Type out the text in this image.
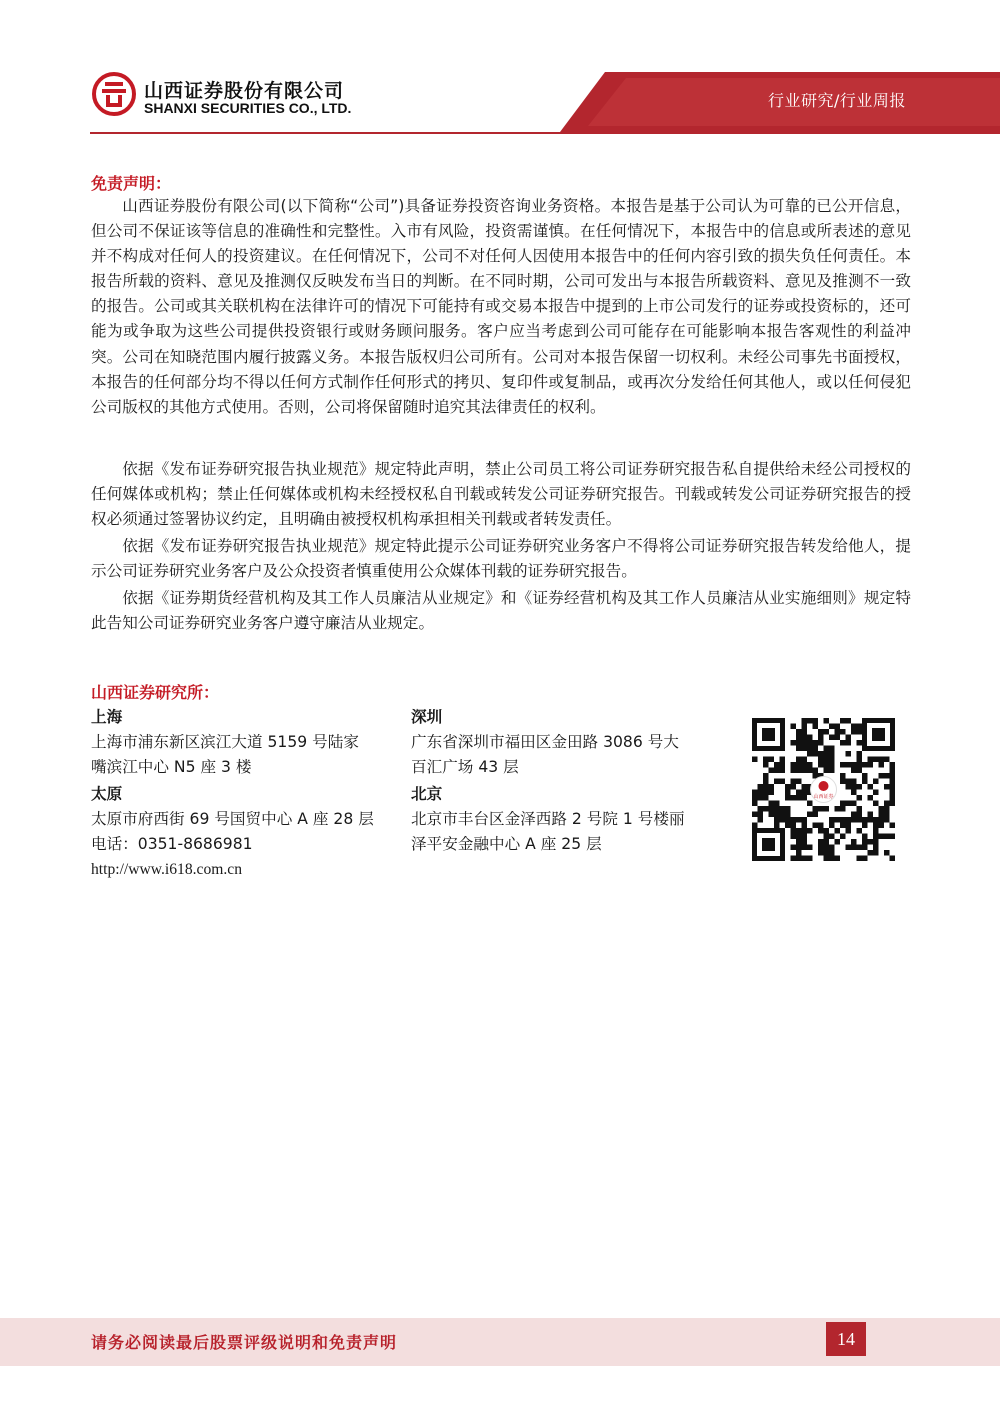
山西证券股份有限公司
SHANXI SECURITIES CO., LTD.	行业研究/行业周报
免责声明：

山西证券股份有限公司(以下简称“公司”)具备证券投资咨询业务资格。本报告是基于公司认为可靠的已公开信息，但公司不保证该等信息的准确性和完整性。入市有风险，投资需谨慎。在任何情况下，本报告中的信息或所表述的意见并不构成对任何人的投资建议。在任何情况下，公司不对任何人因使用本报告中的任何内容引致的损失负任何责任。本报告所载的资料、意见及推测仅反映发布当日的判断。在不同时期，公司可发出与本报告所载资料、意见及推测不一致的报告。公司或其关联机构在法律许可的情况下可能持有或交易本报告中提到的上市公司发行的证券或投资标的，还可能为或争取为这些公司提供投资银行或财务顾问服务。客户应当考虑到公司可能存在可能影响本报告客观性的利益冲突。公司在知晓范围内履行披露义务。本报告版权归公司所有。公司对本报告保留一切权利。未经公司事先书面授权，本报告的任何部分均不得以任何方式制作任何形式的拷贝、复印件或复制品，或再次分发给任何其他人，或以任何侵犯公司版权的其他方式使用。否则，公司将保留随时追究其法律责任的权利。

依据《发布证券研究报告执业规范》规定特此声明，禁止公司员工将公司证券研究报告私自提供给未经公司授权的任何媒体或机构；禁止任何媒体或机构未经授权私自刊载或转发公司证券研究报告。刊载或转发公司证券研究报告的授权必须通过签署协议约定，且明确由被授权机构承担相关刊载或者转发责任。

依据《发布证券研究报告执业规范》规定特此提示公司证券研究业务客户不得将公司证券研究报告转发给他人，提示公司证券研究业务客户及公众投资者慎重使用公众媒体刊载的证券研究报告。

依据《证券期货经营机构及其工作人员廉洁从业规定》和《证券经营机构及其工作人员廉洁从业实施细则》规定特此告知公司证券研究业务客户遵守廉洁从业规定。

山西证券研究所：
上海
上海市浦东新区滨江大道 5159 号陆家
嘴滨江中心 N5 座 3 楼
太原
太原市府西街 69 号国贸中心 A 座 28 层
电话：0351-8686981
http://www.i618.com.cn
深圳
广东省深圳市福田区金田路 3086 号大
百汇广场 43 层
北京
北京市丰台区金泽西路 2 号院 1 号楼丽
泽平安金融中心 A 座 25 层
山西证券
请务必阅读最后股票评级说明和免责声明	14
